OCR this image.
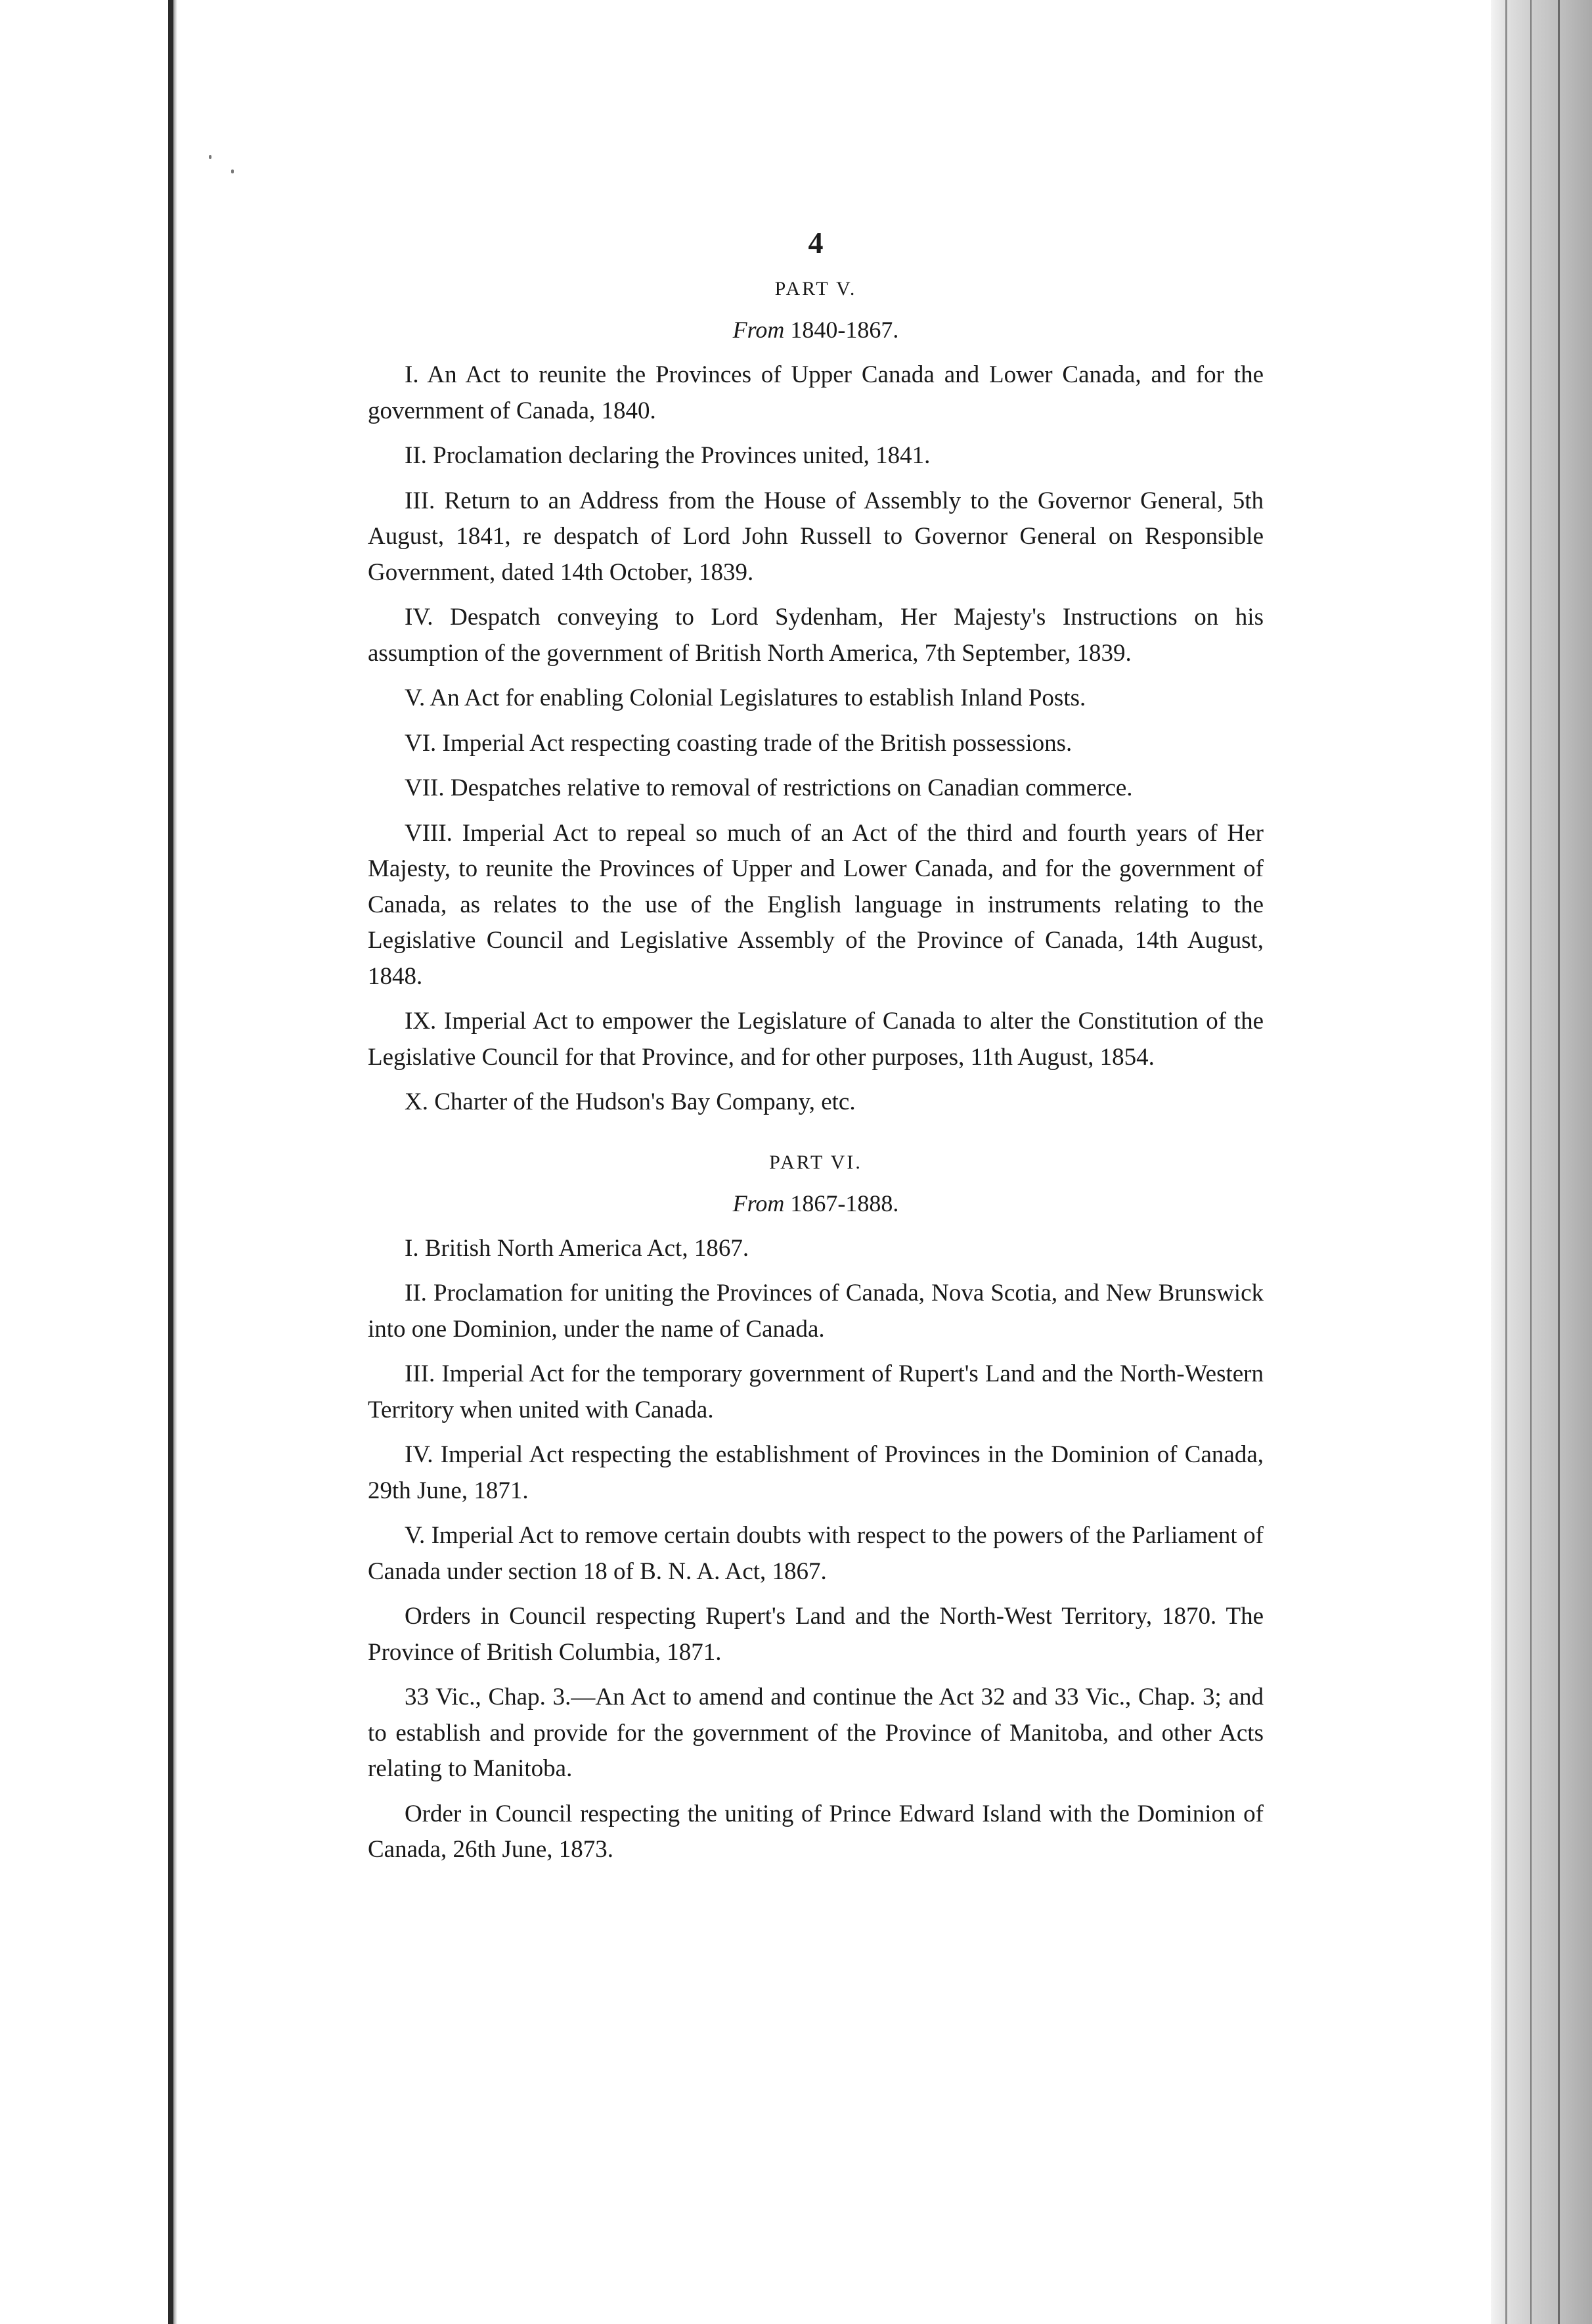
4
PART V.
From 1840-1867.

I. An Act to reunite the Provinces of Upper Canada and Lower Canada, and for the government of Canada, 1840.

II. Proclamation declaring the Provinces united, 1841.

III. Return to an Address from the House of Assembly to the Governor General, 5th August, 1841, re despatch of Lord John Russell to Governor General on Responsible Government, dated 14th October, 1839.

IV. Despatch conveying to Lord Sydenham, Her Majesty's Instructions on his assumption of the government of British North America, 7th September, 1839.

V. An Act for enabling Colonial Legislatures to establish Inland Posts.

VI. Imperial Act respecting coasting trade of the British possessions.

VII. Despatches relative to removal of restrictions on Canadian commerce.

VIII. Imperial Act to repeal so much of an Act of the third and fourth years of Her Majesty, to reunite the Provinces of Upper and Lower Canada, and for the government of Canada, as relates to the use of the English language in instruments relating to the Legislative Council and Legislative Assembly of the Province of Canada, 14th August, 1848.

IX. Imperial Act to empower the Legislature of Canada to alter the Constitution of the Legislative Council for that Province, and for other purposes, 11th August, 1854.

X. Charter of the Hudson's Bay Company, etc.

PART VI.
From 1867-1888.

I. British North America Act, 1867.

II. Proclamation for uniting the Provinces of Canada, Nova Scotia, and New Brunswick into one Dominion, under the name of Canada.

III. Imperial Act for the temporary government of Rupert's Land and the North-Western Territory when united with Canada.

IV. Imperial Act respecting the establishment of Provinces in the Dominion of Canada, 29th June, 1871.

V. Imperial Act to remove certain doubts with respect to the powers of the Parliament of Canada under section 18 of B. N. A. Act, 1867.

Orders in Council respecting Rupert's Land and the North-West Territory, 1870. The Province of British Columbia, 1871.

33 Vic., Chap. 3.—An Act to amend and continue the Act 32 and 33 Vic., Chap. 3; and to establish and provide for the government of the Province of Manitoba, and other Acts relating to Manitoba.

Order in Council respecting the uniting of Prince Edward Island with the Dominion of Canada, 26th June, 1873.
